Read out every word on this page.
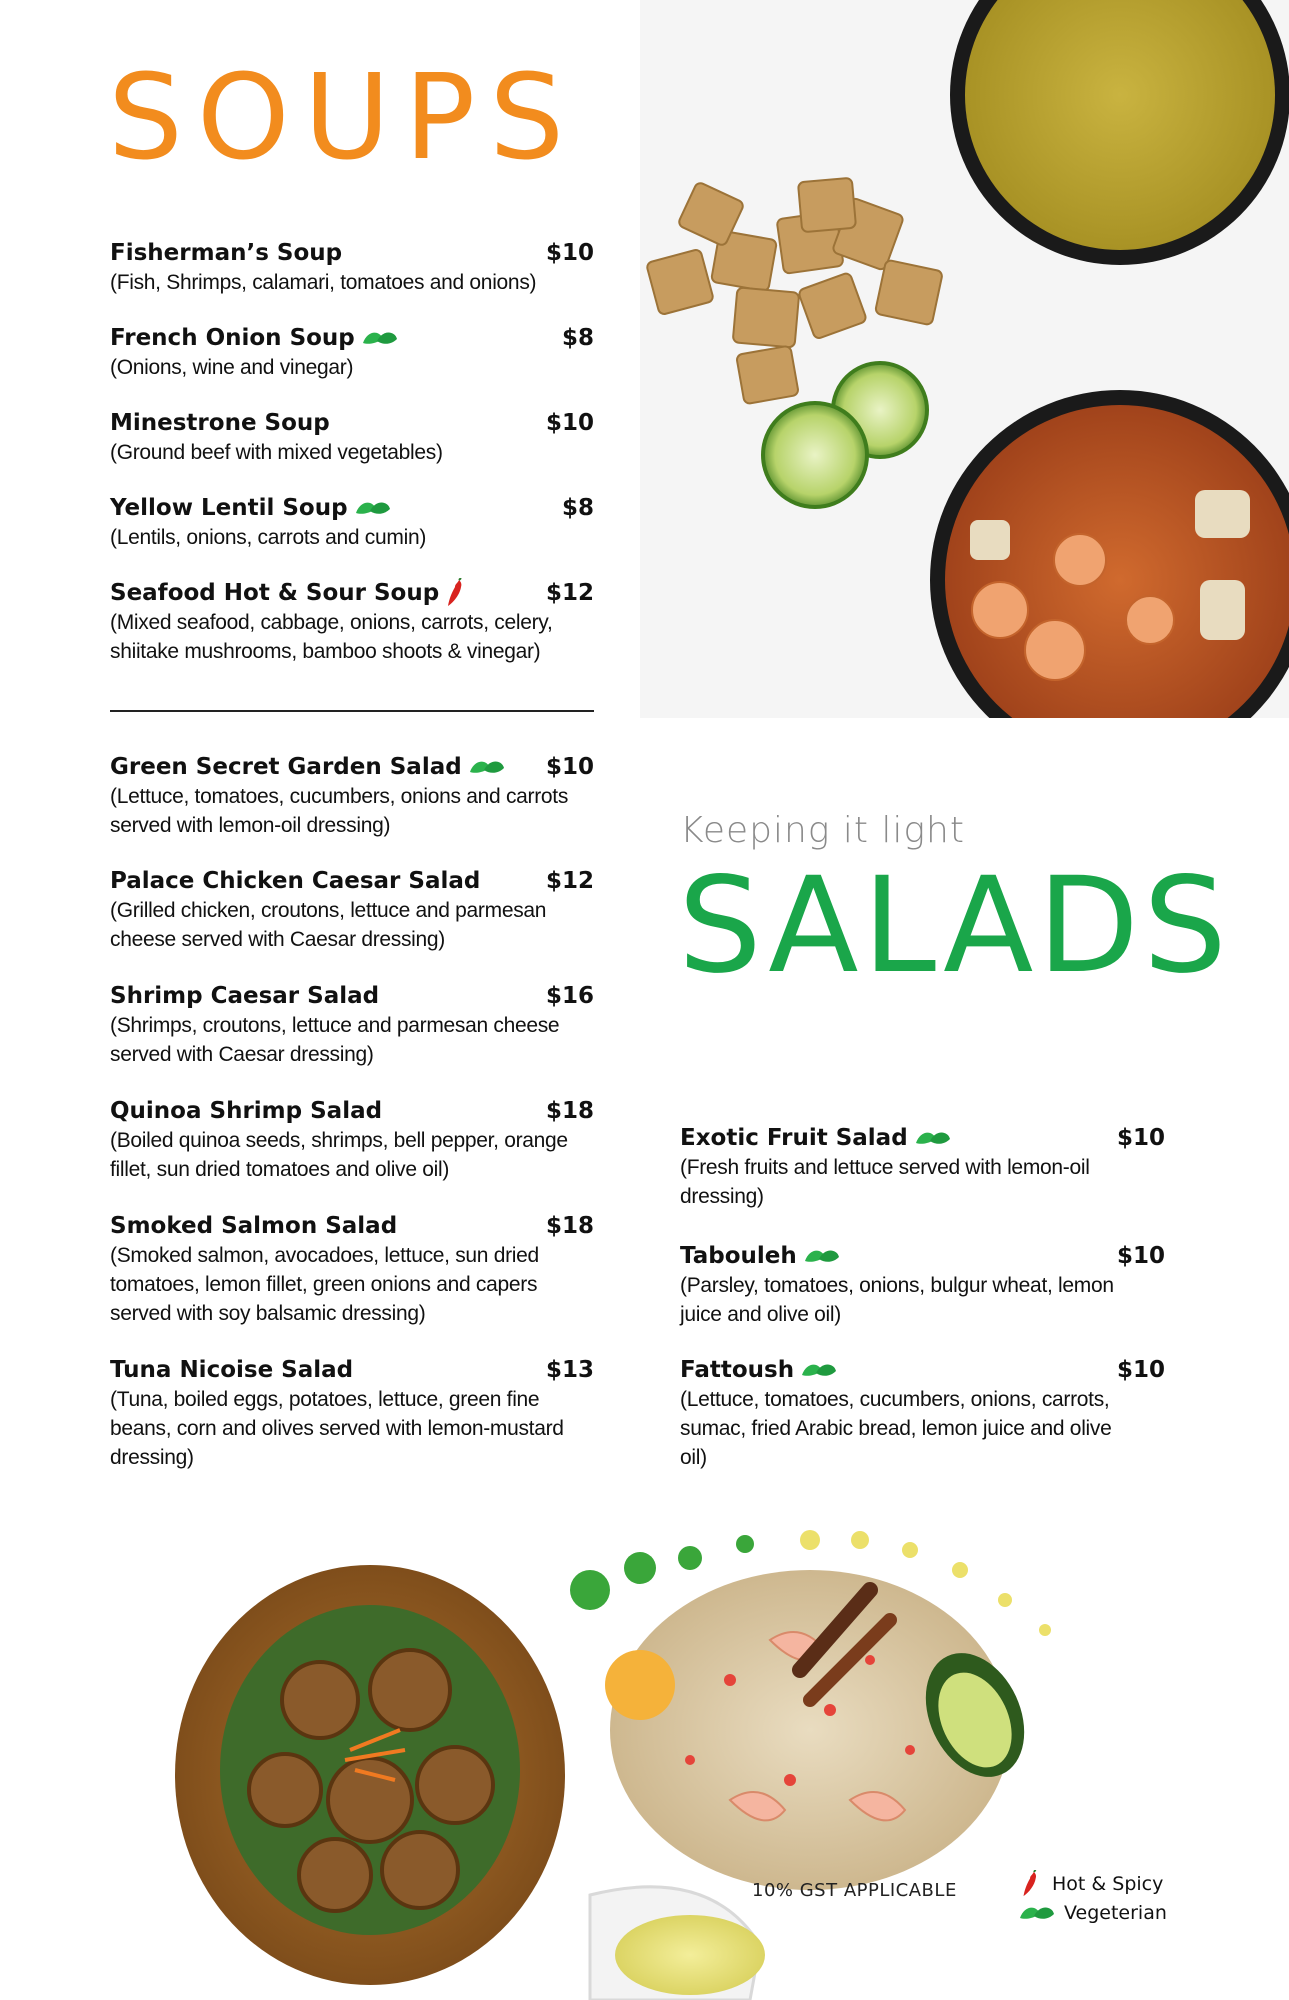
SOUPS
Fisherman’s Soup	$10
(Fish, Shrimps, calamari, tomatoes and onions)
French Onion Soup	$8
(Onions, wine and vinegar)
Minestrone Soup	$10
(Ground beef with mixed vegetables)
Yellow Lentil Soup	$8
(Lentils, onions, carrots and cumin)
Seafood Hot & Sour Soup	$12
(Mixed seafood, cabbage, onions, carrots, celery,
shiitake mushrooms, bamboo shoots & vinegar)
Green Secret Garden Salad	$10
(Lettuce, tomatoes, cucumbers, onions and carrots
served with lemon-oil dressing)
Palace Chicken Caesar Salad	$12
(Grilled chicken, croutons, lettuce and parmesan
cheese served with Caesar dressing)
Shrimp Caesar Salad	$16
(Shrimps, croutons, lettuce and parmesan cheese
served with Caesar dressing)
Quinoa Shrimp Salad	$18
(Boiled quinoa seeds, shrimps, bell pepper, orange
fillet, sun dried tomatoes and olive oil)
Smoked Salmon Salad	$18
(Smoked salmon, avocadoes, lettuce, sun dried
tomatoes, lemon fillet, green onions and capers
served with soy balsamic dressing)
Tuna Nicoise Salad	$13
(Tuna, boiled eggs, potatoes, lettuce, green fine
beans, corn and olives served with lemon-mustard
dressing)
Keeping it light
SALADS
Exotic Fruit Salad	$10
(Fresh fruits and lettuce served with lemon-oil
dressing)
Tabouleh	$10
(Parsley, tomatoes, onions, bulgur wheat, lemon
juice and olive oil)
Fattoush	$10
(Lettuce, tomatoes, cucumbers, onions, carrots,
sumac, fried Arabic bread, lemon juice and olive
oil)
10% GST APPLICABLE	Hot & Spicy
Vegeterian
